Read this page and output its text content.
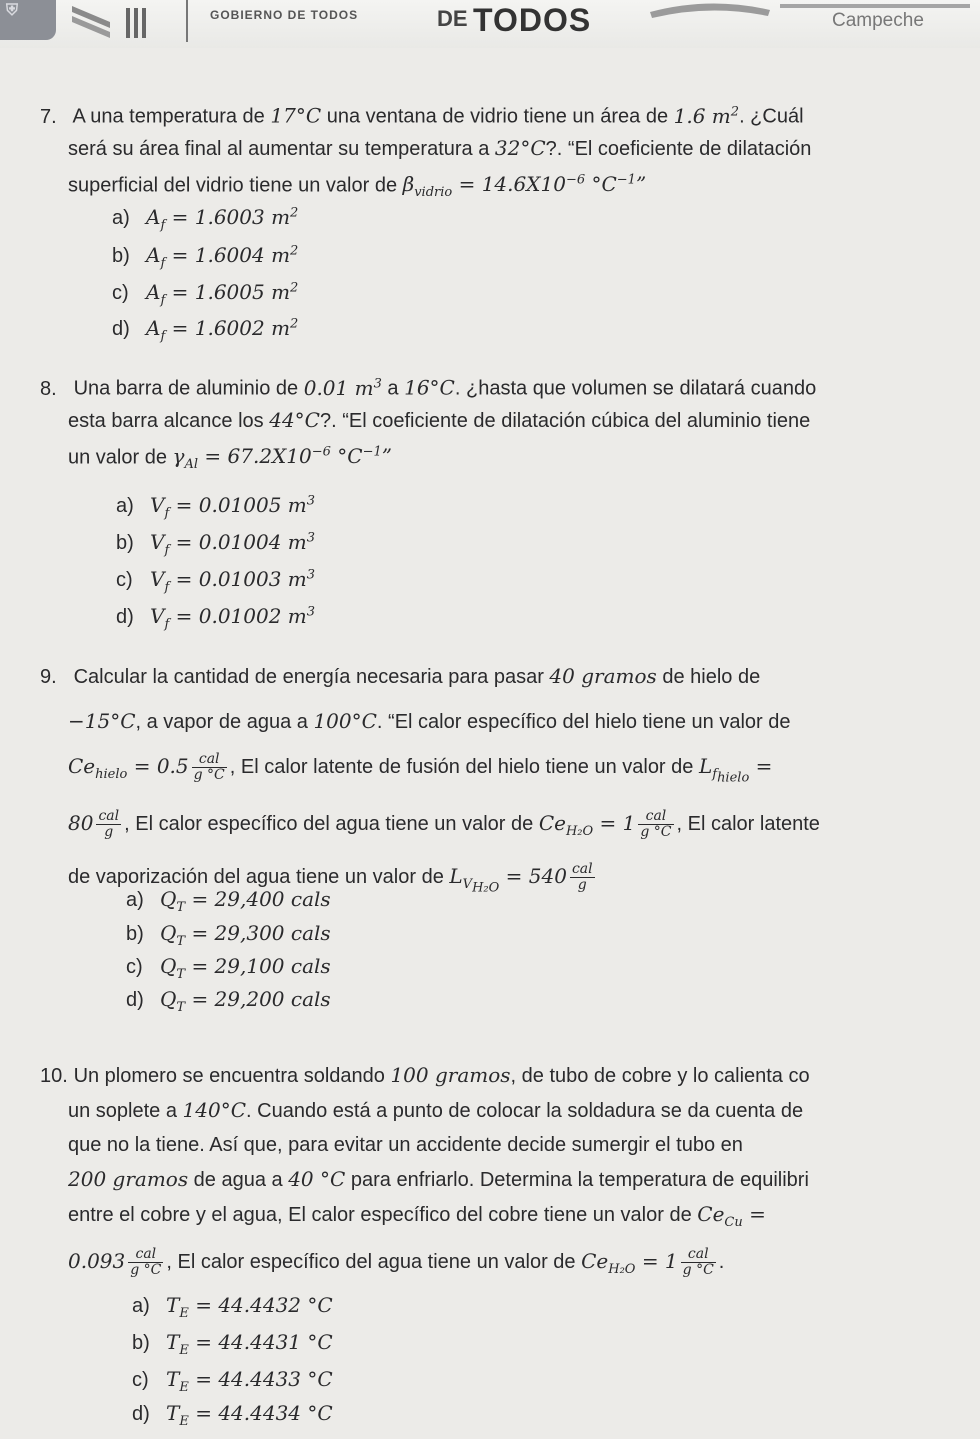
⛨	GOBIERNO DE TODOS	DE TODOS	Campeche

7. A una temperatura de 17°C una ventana de vidrio tiene un área de 1.6 $m^2$. ¿Cuál

será su área final al aumentar su temperatura a 32°C?. “El coeficiente de dilatación

superficial del vidrio tiene un valor de $\beta_{vidrio} = 14.6X10^{-6}$ $^\circ C^{-1}$”

a) $A_f = 1.6003$ $m^2$
b) $A_f = 1.6004$ $m^2$
c) $A_f = 1.6005$ $m^2$
d) $A_f = 1.6002$ $m^2$

8. Una barra de aluminio de 0.01 $m^3$ a 16°C. ¿hasta que volumen se dilatará cuando

esta barra alcance los 44°C?. “El coeficiente de dilatación cúbica del aluminio tiene

un valor de $\gamma_{Al} = 67.2X10^{-6}$ $^\circ C^{-1}$”

a) $V_f = 0.01005$ $m^3$
b) $V_f = 0.01004$ $m^3$
c) $V_f = 0.01003$ $m^3$
d) $V_f = 0.01002$ $m^3$

9. Calcular la cantidad de energía necesaria para pasar 40 gramos de hielo de

−15°C, a vapor de agua a 100°C. “El calor específico del hielo tiene un valor de

$Ce_{hielo} = 0.5 \frac{\text{cal}}{g ^\circ C}$ , El calor latente de fusión del hielo tiene un valor de $L_{f_{hielo}}$ =

$80 \frac{\text{cal}}{g}$ , El calor específico del agua tiene un valor de $Ce_{H_2O} = 1 \frac{\text{cal}}{g ^\circ C}$ , El calor latente

de vaporización del agua tiene un valor de $L_{V_{H_2O}} = 540 \frac{\text{cal}}{g}$

a) $Q_T = 29,400$ cals
b) $Q_T = 29,300$ cals
c) $Q_T = 29,100$ cals
d) $Q_T = 29,200$ cals

10. Un plomero se encuentra soldando 100 gramos, de tubo de cobre y lo calienta co

un soplete a 140°C. Cuando está a punto de colocar la soldadura se da cuenta de

que no la tiene. Así que, para evitar un accidente decide sumergir el tubo en

200 gramos de agua a 40 °C para enfriarlo. Determina la temperatura de equilibri

entre el cobre y el agua, El calor específico del cobre tiene un valor de $Ce_{Cu}$ =

$0.093 \frac{\text{cal}}{g ^\circ C}$ , El calor específico del agua tiene un valor de $Ce_{H_2O} = 1 \frac{\text{cal}}{g ^\circ C}$ .

a) $T_E = 44.4432$ °C
b) $T_E = 44.4431$ °C
c) $T_E = 44.4433$ °C
d) $T_E = 44.4434$ °C
